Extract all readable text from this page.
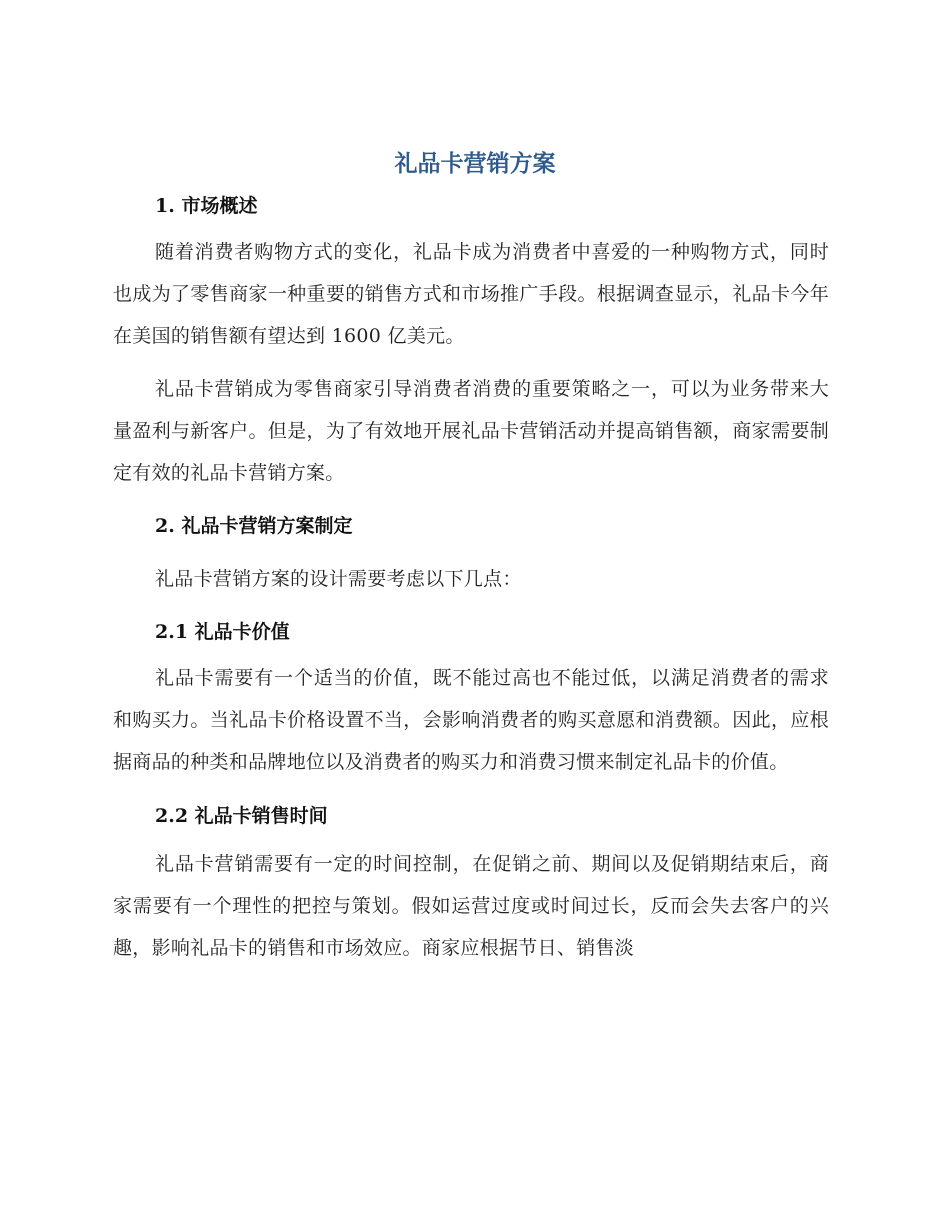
礼品卡营销方案
1. 市场概述

随着消费者购物方式的变化，礼品卡成为消费者中喜爱的一种购物方式，同时也成为了零售商家一种重要的销售方式和市场推广手段。根据调查显示，礼品卡今年在美国的销售额有望达到 1600 亿美元。

礼品卡营销成为零售商家引导消费者消费的重要策略之一，可以为业务带来大量盈利与新客户。但是，为了有效地开展礼品卡营销活动并提高销售额，商家需要制定有效的礼品卡营销方案。

2. 礼品卡营销方案制定

礼品卡营销方案的设计需要考虑以下几点：

2.1 礼品卡价值

礼品卡需要有一个适当的价值，既不能过高也不能过低，以满足消费者的需求和购买力。当礼品卡价格设置不当，会影响消费者的购买意愿和消费额。因此，应根据商品的种类和品牌地位以及消费者的购买力和消费习惯来制定礼品卡的价值。

2.2 礼品卡销售时间

礼品卡营销需要有一定的时间控制，在促销之前、期间以及促销期结束后，商家需要有一个理性的把控与策划。假如运营过度或时间过长，反而会失去客户的兴趣，影响礼品卡的销售和市场效应。商家应根据节日、销售淡
